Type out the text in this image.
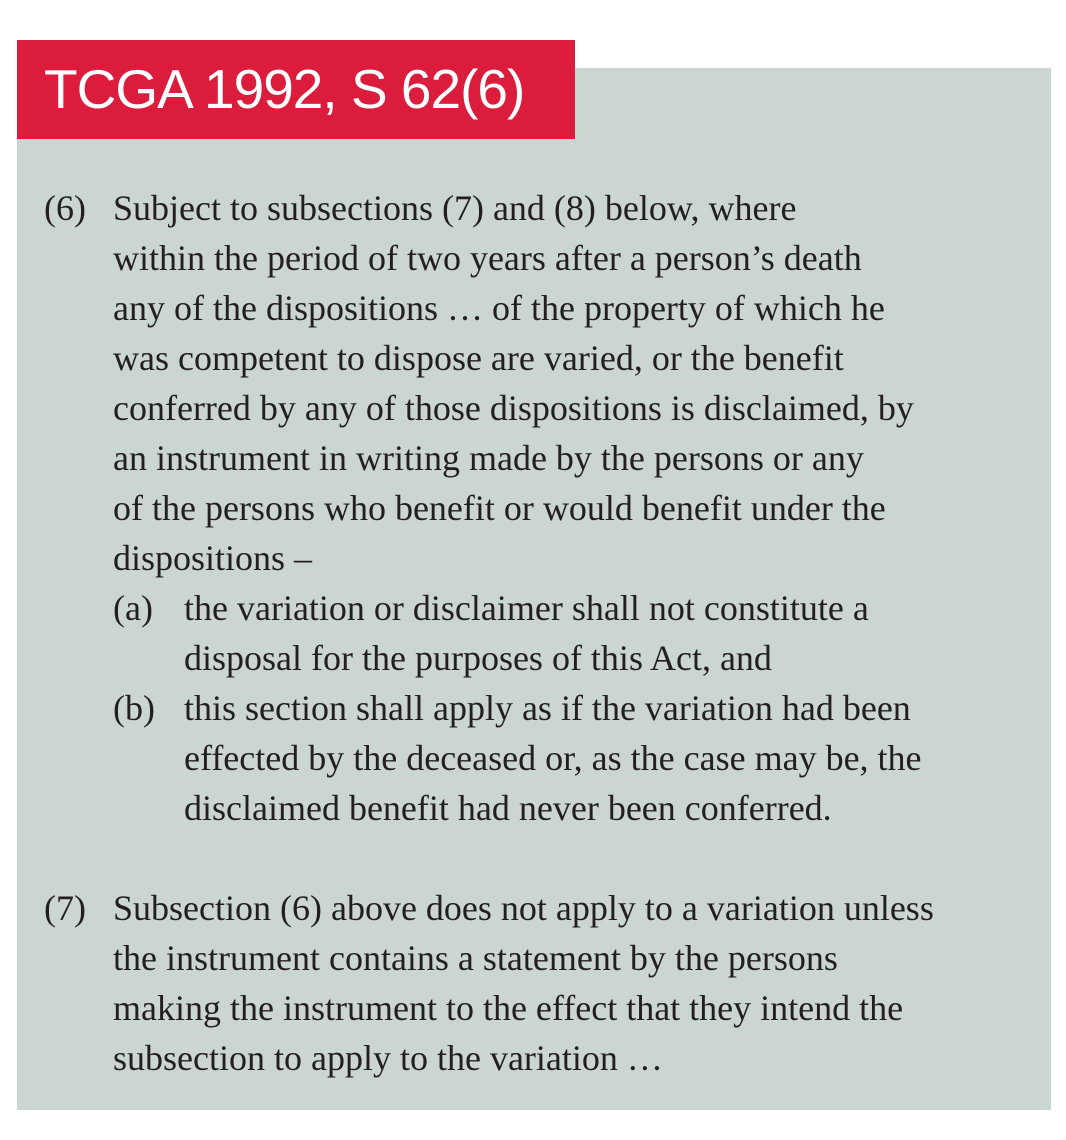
TCGA 1992, S 62(6)
(6) Subject to subsections (7) and (8) below, where
within the period of two years after a person’s death
any of the dispositions … of the property of which he
was competent to dispose are varied, or the benefit
conferred by any of those dispositions is disclaimed, by
an instrument in writing made by the persons or any
of the persons who benefit or would benefit under the
dispositions –
(a) the variation or disclaimer shall not constitute a
disposal for the purposes of this Act, and
(b) this section shall apply as if the variation had been
effected by the deceased or, as the case may be, the
disclaimed benefit had never been conferred.
(7) Subsection (6) above does not apply to a variation unless
the instrument contains a statement by the persons
making the instrument to the effect that they intend the
subsection to apply to the variation …
